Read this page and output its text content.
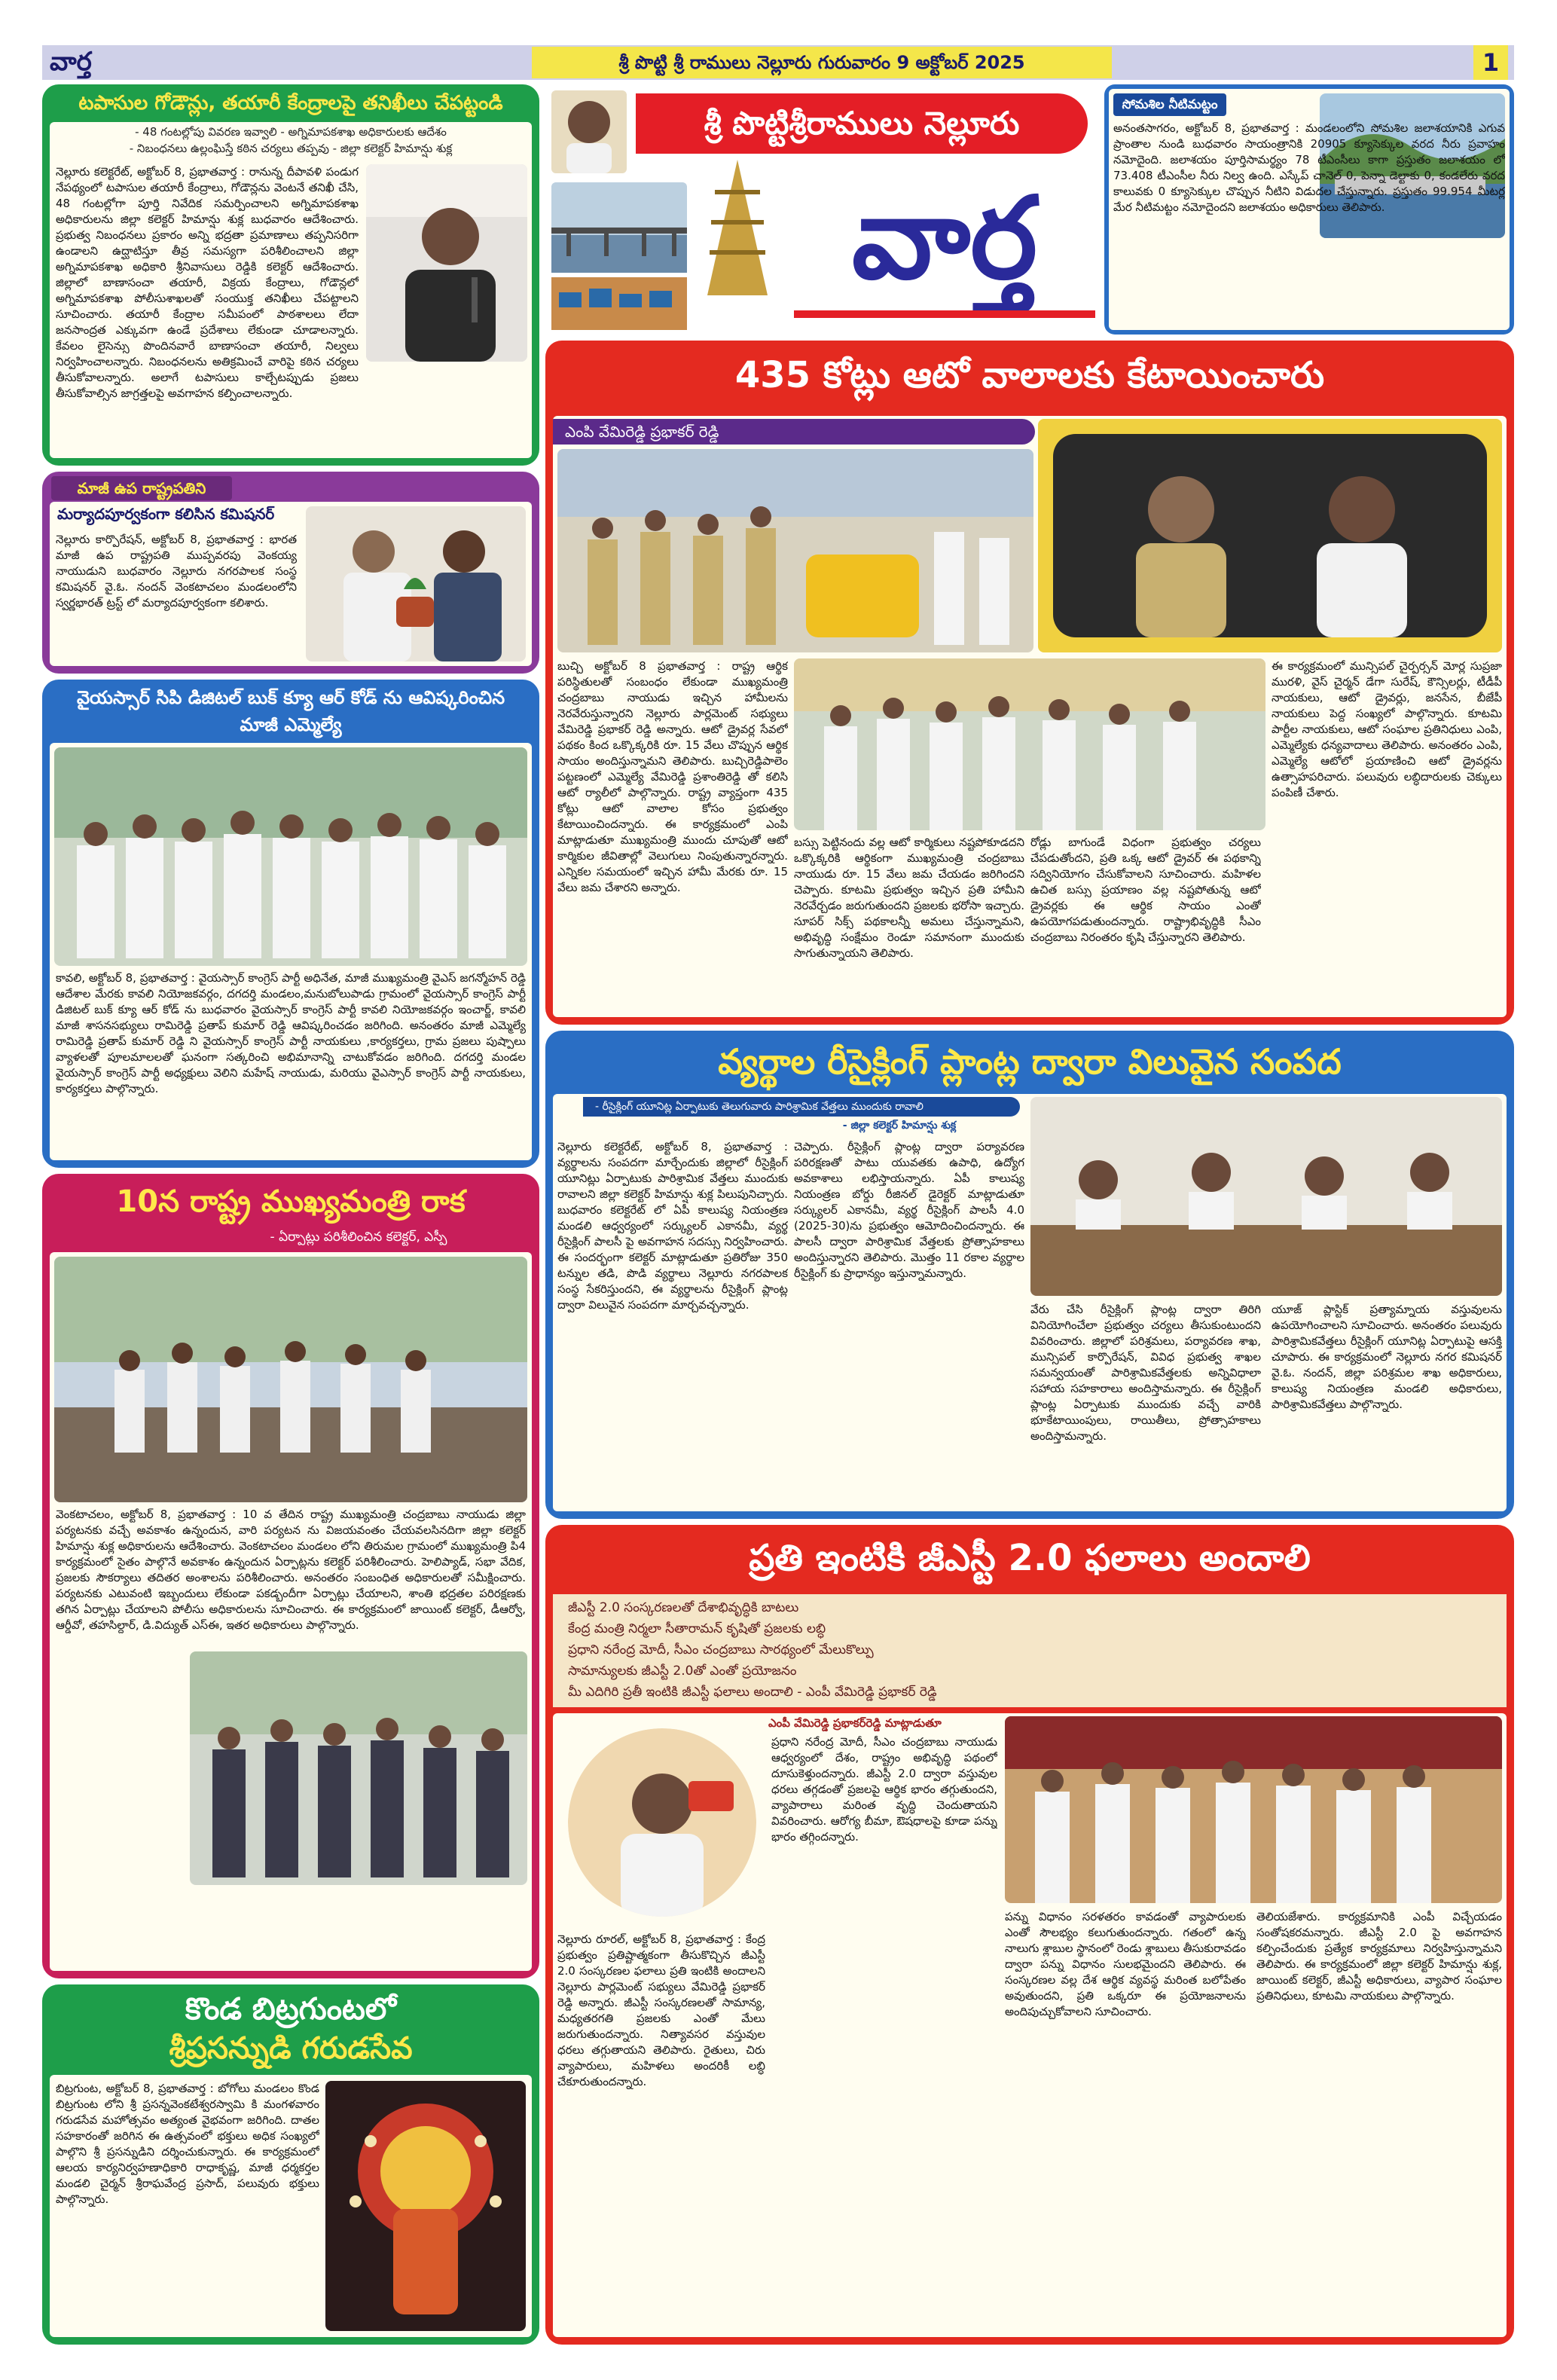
వార్త	శ్రీ పొట్టి శ్రీ రాములు నెల్లూరు గురువారం 9 అక్టోబర్ 2025	1
టపాసుల గోడౌన్లు, తయారీ కేంద్రాలపై తనిఖీలు చేపట్టండి
- 48 గంటల్లోపు వివరణ ఇవ్వాలి - అగ్నిమాపకశాఖ అధికారులకు ఆదేశం
- నిబంధనలు ఉల్లంఘిస్తే కఠిన చర్యలు తప్పవు - జిల్లా కలెక్టర్ హిమాన్షు శుక్ల
నెల్లూరు కలెక్టరేట్, అక్టోబర్ 8, ప్రభాతవార్త : రానున్న దీపావళి పండుగ నేపథ్యంలో టపాసుల తయారీ కేంద్రాలు, గోడౌన్లను వెంటనే తనిఖీ చేసి, 48 గంటల్లోగా పూర్తి నివేదిక సమర్పించాలని అగ్నిమాపకశాఖ అధికారులను జిల్లా కలెక్టర్ హిమాన్షు శుక్ల బుధవారం ఆదేశించారు. ప్రభుత్వ నిబంధనలు ప్రకారం అన్ని భద్రతా ప్రమాణాలు తప్పనిసరిగా ఉండాలని ఉద్ఘాటిస్తూ తీవ్ర సమస్యగా పరిశీలించాలని జిల్లా అగ్నిమాపకశాఖ అధికారి శ్రీనివాసులు రెడ్డికి కలెక్టర్ ఆదేశించారు. జిల్లాలో బాణాసంచా తయారీ, విక్రయ కేంద్రాలు, గోడౌన్లలో అగ్నిమాపకశాఖ పోలీసుశాఖలతో సంయుక్త తనిఖీలు చేపట్టాలని సూచించారు. తయారీ కేంద్రాల సమీపంలో పాఠశాలలు లేదా జనసాంద్రత ఎక్కువగా ఉండే ప్రదేశాలు లేకుండా చూడాలన్నారు. కేవలం లైసెన్సు పొందినవారే బాణాసంచా తయారీ, నిల్వలు నిర్వహించాలన్నారు. నిబంధనలను అతిక్రమించే వారిపై కఠిన చర్యలు తీసుకోవాలన్నారు. అలాగే టపాసులు కాల్చేటప్పుడు ప్రజలు తీసుకోవాల్సిన జాగ్రత్తలపై అవగాహన కల్పించాలన్నారు.
మాజీ ఉప రాష్ట్రపతిని
మర్యాదపూర్వకంగా కలిసిన కమిషనర్
నెల్లూరు కార్పొరేషన్, అక్టోబర్ 8, ప్రభాతవార్త : భారత మాజీ ఉప రాష్ట్రపతి ముప్పవరపు వెంకయ్య నాయుడుని బుధవారం నెల్లూరు నగరపాలక సంస్థ కమిషనర్ వై.ఓ. నందన్ వెంకటాచలం మండలంలోని స్వర్ణభారత్ ట్రస్ట్ లో మర్యాదపూర్వకంగా కలిశారు.
వైయస్సార్ సిపి డిజిటల్ బుక్ క్యూ ఆర్ కోడ్ ను ఆవిష్కరించిన మాజీ ఎమ్మెల్యే
కావలి, అక్టోబర్ 8, ప్రభాతవార్త : వైయస్సార్ కాంగ్రెస్ పార్టీ అధినేత, మాజీ ముఖ్యమంత్రి వైఎస్ జగన్మోహన్ రెడ్డి ఆదేశాల మేరకు కావలి నియోజకవర్గం, దగదర్తి మండలం,మనుబోలుపాడు గ్రామంలో వైయస్సార్ కాంగ్రెస్ పార్టీ డిజిటల్ బుక్ క్యూ ఆర్ కోడ్ ను బుధవారం వైయస్సార్ కాంగ్రెస్ పార్టీ కావలి నియోజకవర్గం ఇంచార్జ్, కావలి మాజీ శాసనసభ్యులు రామిరెడ్డి ప్రతాప్ కుమార్ రెడ్డి ఆవిష్కరించడం జరిగింది. అనంతరం మాజీ ఎమ్మెల్యే రామిరెడ్డి ప్రతాప్ కుమార్ రెడ్డి ని వైయస్సార్ కాంగ్రెస్ పార్టీ నాయకులు ,కార్యకర్తలు, గ్రామ ప్రజలు పుష్పాలు వ్యాళలతో పూలమాలలతో ఘనంగా సత్కరించి అభిమానాన్ని చాటుకోవడం జరిగింది. దగదర్తి మండల వైయస్సార్ కాంగ్రెస్ పార్టీ అధ్యక్షులు వెలిని మహేష్ నాయుడు, మరియు వైఎస్సార్ కాంగ్రెస్ పార్టీ నాయకులు, కార్యకర్తలు పాల్గొన్నారు.
10న రాష్ట్ర ముఖ్యమంత్రి రాక
- ఏర్పాట్లు పరిశీలించిన కలెక్టర్, ఎస్పీ
వెంకటాచలం, అక్టోబర్ 8, ప్రభాతవార్త : 10 వ తేదిన రాష్ట్ర ముఖ్యమంత్రి చంద్రబాబు నాయుడు జిల్లా పర్యటనకు వచ్చే అవకాశం ఉన్నందున, వారి పర్యటన ను విజయవంతం చేయవలసినదిగా జిల్లా కలెక్టర్ హిమాన్షు శుక్ల అధికారులను ఆదేశించారు. వెంకటాచలం మండలం లోని తిరుమల గ్రామంలో ముఖ్యమంత్రి పి4 కార్యక్రమంలో సైతం పాల్గొనే అవకాశం ఉన్నందున ఏర్పాట్లను కలెక్టర్ పరిశీలించారు. హెలిప్యాడ్, సభా వేదిక, ప్రజలకు సౌకర్యాలు తదితర అంశాలను పరిశీలించారు. అనంతరం సంబంధిత అధికారులతో సమీక్షించారు. పర్యటనకు ఎటువంటి ఇబ్బందులు లేకుండా పకడ్బందీగా ఏర్పాట్లు చేయాలని, శాంతి భద్రతల పరిరక్షణకు తగిన ఏర్పాట్లు చేయాలని పోలీసు అధికారులను సూచించారు. ఈ కార్యక్రమంలో జాయింట్ కలెక్టర్, డీఆర్వో, ఆర్డీవో, తహసిల్దార్, డి.విద్యుత్ ఎస్ఈ, ఇతర అధికారులు పాల్గొన్నారు.
కొండ బిట్రగుంటలో
శ్రీప్రసన్నుడి గరుడసేవ
బిట్రగుంట, అక్టోబర్ 8, ప్రభాతవార్త : బోగోలు మండలం కొండ బిట్రగుంట లోని శ్రీ ప్రసన్నవెంకటేశ్వరస్వామి కి మంగళవారం గరుడసేవ మహోత్సవం అత్యంత వైభవంగా జరిగింది. దాతల సహకారంతో జరిగిన ఈ ఉత్సవంలో భక్తులు అధిక సంఖ్యలో పాల్గొని శ్రీ ప్రసన్నుడిని దర్శించుకున్నారు. ఈ కార్యక్రమంలో ఆలయ కార్యనిర్వహణాధికారి రాధాకృష్ణ, మాజీ ధర్మకర్తల మండలి చైర్మన్ శ్రీరాఘవేంద్ర ప్రసాద్, పలువురు భక్తులు పాల్గొన్నారు.
శ్రీ పొట్టిశ్రీరాములు నెల్లూరు
వార్త
సోమశిల నీటిమట్టం
అనంతసాగరం, అక్టోబర్ 8, ప్రభాతవార్త : మండలంలోని సోమశిల జలాశయానికి ఎగువ ప్రాంతాల నుండి బుధవారం సాయంత్రానికి 20905 క్యూసెక్కుల వరద నీరు ప్రవాహం నమోదైంది. జలాశయం పూర్తిసామర్థ్యం 78 టీఎంసీలు కాగా ప్రస్తుతం జలాశయం లో 73.408 టీఎంసీల నీరు నిల్వ ఉంది. ఎస్కేప్ చానెల్ 0, పెన్నా డెల్టాకు 0, కండలేరు వరద కాలువకు 0 క్యూసెక్కుల చొప్పున నీటిని విడుదల చేస్తున్నారు. ప్రస్తుతం 99.954 మీటర్ల మేర నీటిమట్టం నమోదైందని జలాశయం అధికారులు తెలిపారు.
435 కోట్లు ఆటో వాలాలకు కేటాయించారు
ఎంపి వేమిరెడ్డి ప్రభాకర్ రెడ్డి
బుచ్చి అక్టోబర్ 8 ప్రభాతవార్త : రాష్ట్ర ఆర్థిక పరిస్థితులతో సంబంధం లేకుండా ముఖ్యమంత్రి చంద్రబాబు నాయుడు ఇచ్చిన హామీలను నెరవేరుస్తున్నారని నెల్లూరు పార్లమెంట్ సభ్యులు వేమిరెడ్డి ప్రభాకర్ రెడ్డి అన్నారు. ఆటో డ్రైవర్ల సేవలో పథకం కింద ఒక్కొక్కరికి రూ. 15 వేలు చొప్పున ఆర్థిక సాయం అందిస్తున్నామని తెలిపారు. బుచ్చిరెడ్డిపాలెం పట్టణంలో ఎమ్మెల్యే వేమిరెడ్డి ప్రశాంతిరెడ్డి తో కలిసి ఆటో ర్యాలీలో పాల్గొన్నారు. రాష్ట్ర వ్యాప్తంగా 435 కోట్లు ఆటో వాలాల కోసం ప్రభుత్వం కేటాయించిందన్నారు. ఈ కార్యక్రమంలో ఎంపి మాట్లాడుతూ ముఖ్యమంత్రి ముందు చూపుతో ఆటో కార్మికుల జీవితాల్లో వెలుగులు నింపుతున్నారన్నారు. ఎన్నికల సమయంలో ఇచ్చిన హామీ మేరకు రూ. 15 వేలు జమ చేశారని అన్నారు.
బస్సు పెట్టినందు వల్ల ఆటో కార్మికులు నష్టపోకూడదని ఒక్కొక్కరికి ఆర్థికంగా ముఖ్యమంత్రి చంద్రబాబు నాయుడు రూ. 15 వేలు జమ చేయడం జరిగిందని చెప్పారు. కూటమి ప్రభుత్వం ఇచ్చిన ప్రతి హామీని నెరవేర్చడం జరుగుతుందని ప్రజలకు భరోసా ఇచ్చారు. సూపర్ సిక్స్ పథకాలన్నీ అమలు చేస్తున్నామని, అభివృద్ధి సంక్షేమం రెండూ సమానంగా ముందుకు సాగుతున్నాయని తెలిపారు.
రోడ్లు బాగుండే విధంగా ప్రభుత్వం చర్యలు చేపడుతోందని, ప్రతి ఒక్క ఆటో డ్రైవర్ ఈ పథకాన్ని సద్వినియోగం చేసుకోవాలని సూచించారు. మహిళల ఉచిత బస్సు ప్రయాణం వల్ల నష్టపోతున్న ఆటో డ్రైవర్లకు ఈ ఆర్థిక సాయం ఎంతో ఉపయోగపడుతుందన్నారు. రాష్ట్రాభివృద్ధికి సీఎం చంద్రబాబు నిరంతరం కృషి చేస్తున్నారని తెలిపారు.
ఈ కార్యక్రమంలో మున్సిపల్ చైర్పర్సన్ మోర్ల సుప్రజా మురళి, వైస్ చైర్మన్ డేగా సురేష్, కౌన్సిలర్లు, టీడీపీ నాయకులు, ఆటో డ్రైవర్లు, జనసేన, బీజేపీ నాయకులు పెద్ద సంఖ్యలో పాల్గొన్నారు. కూటమి పార్టీల నాయకులు, ఆటో సంఘాల ప్రతినిధులు ఎంపి, ఎమ్మెల్యేకు ధన్యవాదాలు తెలిపారు. అనంతరం ఎంపి, ఎమ్మెల్యే ఆటోలో ప్రయాణించి ఆటో డ్రైవర్లను ఉత్సాహపరిచారు. పలువురు లబ్ధిదారులకు చెక్కులు పంపిణీ చేశారు.
వ్యర్థాల రీసైక్లింగ్ ప్లాంట్ల ద్వారా విలువైన సంపద
- రీసైక్లింగ్ యూనిట్ల ఏర్పాటుకు తెలుగువారు పారిశ్రామిక వేత్తలు ముందుకు రావాలి
- జిల్లా కలెక్టర్ హిమాన్షు శుక్ల
నెల్లూరు కలెక్టరేట్, అక్టోబర్ 8, ప్రభాతవార్త : వ్యర్థాలను సంపదగా మార్చేందుకు జిల్లాలో రీసైక్లింగ్ యూనిట్లు ఏర్పాటుకు పారిశ్రామిక వేత్తలు ముందుకు రావాలని జిల్లా కలెక్టర్ హిమాన్షు శుక్ల పిలుపునిచ్చారు. బుధవారం కలెక్టరేట్ లో ఏపీ కాలుష్య నియంత్రణ మండలి ఆధ్వర్యంలో సర్క్యులర్ ఎకానమీ, వ్యర్థ రీసైక్లింగ్ పాలసీ పై అవగాహన సదస్సు నిర్వహించారు. ఈ సందర్భంగా కలెక్టర్ మాట్లాడుతూ ప్రతిరోజు 350 టన్నుల తడి, పొడి వ్యర్థాలు నెల్లూరు నగరపాలక సంస్థ సేకరిస్తుందని, ఈ వ్యర్థాలను రీసైక్లింగ్ ప్లాంట్ల ద్వారా విలువైన సంపదగా మార్చవచ్చన్నారు.
చెప్పారు. రీసైక్లింగ్ ప్లాంట్ల ద్వారా పర్యావరణ పరిరక్షణతో పాటు యువతకు ఉపాధి, ఉద్యోగ అవకాశాలు లభిస్తాయన్నారు. ఏపీ కాలుష్య నియంత్రణ బోర్డు రీజినల్ డైరెక్టర్ మాట్లాడుతూ సర్క్యులర్ ఎకానమీ, వ్యర్థ రీసైక్లింగ్ పాలసీ 4.0 (2025-30)ను ప్రభుత్వం ఆమోదించిందన్నారు. ఈ పాలసీ ద్వారా పారిశ్రామిక వేత్తలకు ప్రోత్సాహకాలు అందిస్తున్నారని తెలిపారు. మొత్తం 11 రకాల వ్యర్థాల రీసైక్లింగ్ కు ప్రాధాన్యం ఇస్తున్నామన్నారు.
వేరు చేసి రీసైక్లింగ్ ప్లాంట్ల ద్వారా తిరిగి వినియోగించేలా ప్రభుత్వం చర్యలు తీసుకుంటుందని వివరించారు. జిల్లాలో పరిశ్రమలు, పర్యావరణ శాఖ, మున్సిపల్ కార్పొరేషన్, వివిధ ప్రభుత్వ శాఖల సమన్వయంతో పారిశ్రామికవేత్తలకు అన్నివిధాలా సహాయ సహకారాలు అందిస్తామన్నారు. ఈ రీసైక్లింగ్ ప్లాంట్ల ఏర్పాటుకు ముందుకు వచ్చే వారికి భూకేటాయింపులు, రాయితీలు, ప్రోత్సాహకాలు అందిస్తామన్నారు.
యూజ్ ప్లాస్టిక్ ప్రత్యామ్నాయ వస్తువులను ఉపయోగించాలని సూచించారు. అనంతరం పలువురు పారిశ్రామికవేత్తలు రీసైక్లింగ్ యూనిట్ల ఏర్పాటుపై ఆసక్తి చూపారు. ఈ కార్యక్రమంలో నెల్లూరు నగర కమిషనర్ వై.ఓ. నందన్, జిల్లా పరిశ్రమల శాఖ అధికారులు, కాలుష్య నియంత్రణ మండలి అధికారులు, పారిశ్రామికవేత్తలు పాల్గొన్నారు.
ప్రతి ఇంటికి జీఎస్టీ 2.0 ఫలాలు అందాలి
జీఎస్టీ 2.0 సంస్కరణలతో దేశాభివృద్ధికి బాటలు
కేంద్ర మంత్రి నిర్మలా సీతారామన్ కృషితో ప్రజలకు లబ్ధి
ప్రధాని నరేంద్ర మోదీ, సీఎం చంద్రబాబు సారథ్యంలో మేలుకొల్పు
సామాన్యులకు జీఎస్టీ 2.0తో ఎంతో ప్రయోజనం
మీ ఎదిగిరి ప్రతీ ఇంటికి జీఎస్టీ ఫలాలు అందాలి - ఎంపీ వేమిరెడ్డి ప్రభాకర్ రెడ్డి
ఎంపీ వేమిరెడ్డి ప్రభాకర్‌రెడ్డి మాట్లాడుతూ
నెల్లూరు రూరల్, అక్టోబర్ 8, ప్రభాతవార్త : కేంద్ర ప్రభుత్వం ప్రతిష్టాత్మకంగా తీసుకొచ్చిన జీఎస్టీ 2.0 సంస్కరణల ఫలాలు ప్రతి ఇంటికి అందాలని నెల్లూరు పార్లమెంట్ సభ్యులు వేమిరెడ్డి ప్రభాకర్ రెడ్డి అన్నారు. జీఎస్టీ సంస్కరణలతో సామాన్య, మధ్యతరగతి ప్రజలకు ఎంతో మేలు జరుగుతుందన్నారు. నిత్యావసర వస్తువుల ధరలు తగ్గుతాయని తెలిపారు. రైతులు, చిరు వ్యాపారులు, మహిళలు అందరికీ లబ్ధి చేకూరుతుందన్నారు.
ప్రధాని నరేంద్ర మోదీ, సీఎం చంద్రబాబు నాయుడు ఆధ్వర్యంలో దేశం, రాష్ట్రం అభివృద్ధి పథంలో దూసుకెళ్తుందన్నారు. జీఎస్టీ 2.0 ద్వారా వస్తువుల ధరలు తగ్గడంతో ప్రజలపై ఆర్థిక భారం తగ్గుతుందని, వ్యాపారాలు మరింత వృద్ధి చెందుతాయని వివరించారు. ఆరోగ్య బీమా, ఔషధాలపై కూడా పన్ను భారం తగ్గిందన్నారు.
పన్ను విధానం సరళతరం కావడంతో వ్యాపారులకు ఎంతో సౌలభ్యం కలుగుతుందన్నారు. గతంలో ఉన్న నాలుగు శ్లాబుల స్థానంలో రెండు శ్లాబులు తీసుకురావడం ద్వారా పన్ను విధానం సులభమైందని తెలిపారు. ఈ సంస్కరణల వల్ల దేశ ఆర్థిక వ్యవస్థ మరింత బలోపేతం అవుతుందని, ప్రతి ఒక్కరూ ఈ ప్రయోజనాలను అందిపుచ్చుకోవాలని సూచించారు.
తెలియజేశారు. కార్యక్రమానికి ఎంపీ విచ్చేయడం సంతోషకరమన్నారు. జీఎస్టీ 2.0 పై అవగాహన కల్పించేందుకు ప్రత్యేక కార్యక్రమాలు నిర్వహిస్తున్నామని తెలిపారు. ఈ కార్యక్రమంలో జిల్లా కలెక్టర్ హిమాన్షు శుక్ల, జాయింట్ కలెక్టర్, జీఎస్టీ అధికారులు, వ్యాపార సంఘాల ప్రతినిధులు, కూటమి నాయకులు పాల్గొన్నారు.
